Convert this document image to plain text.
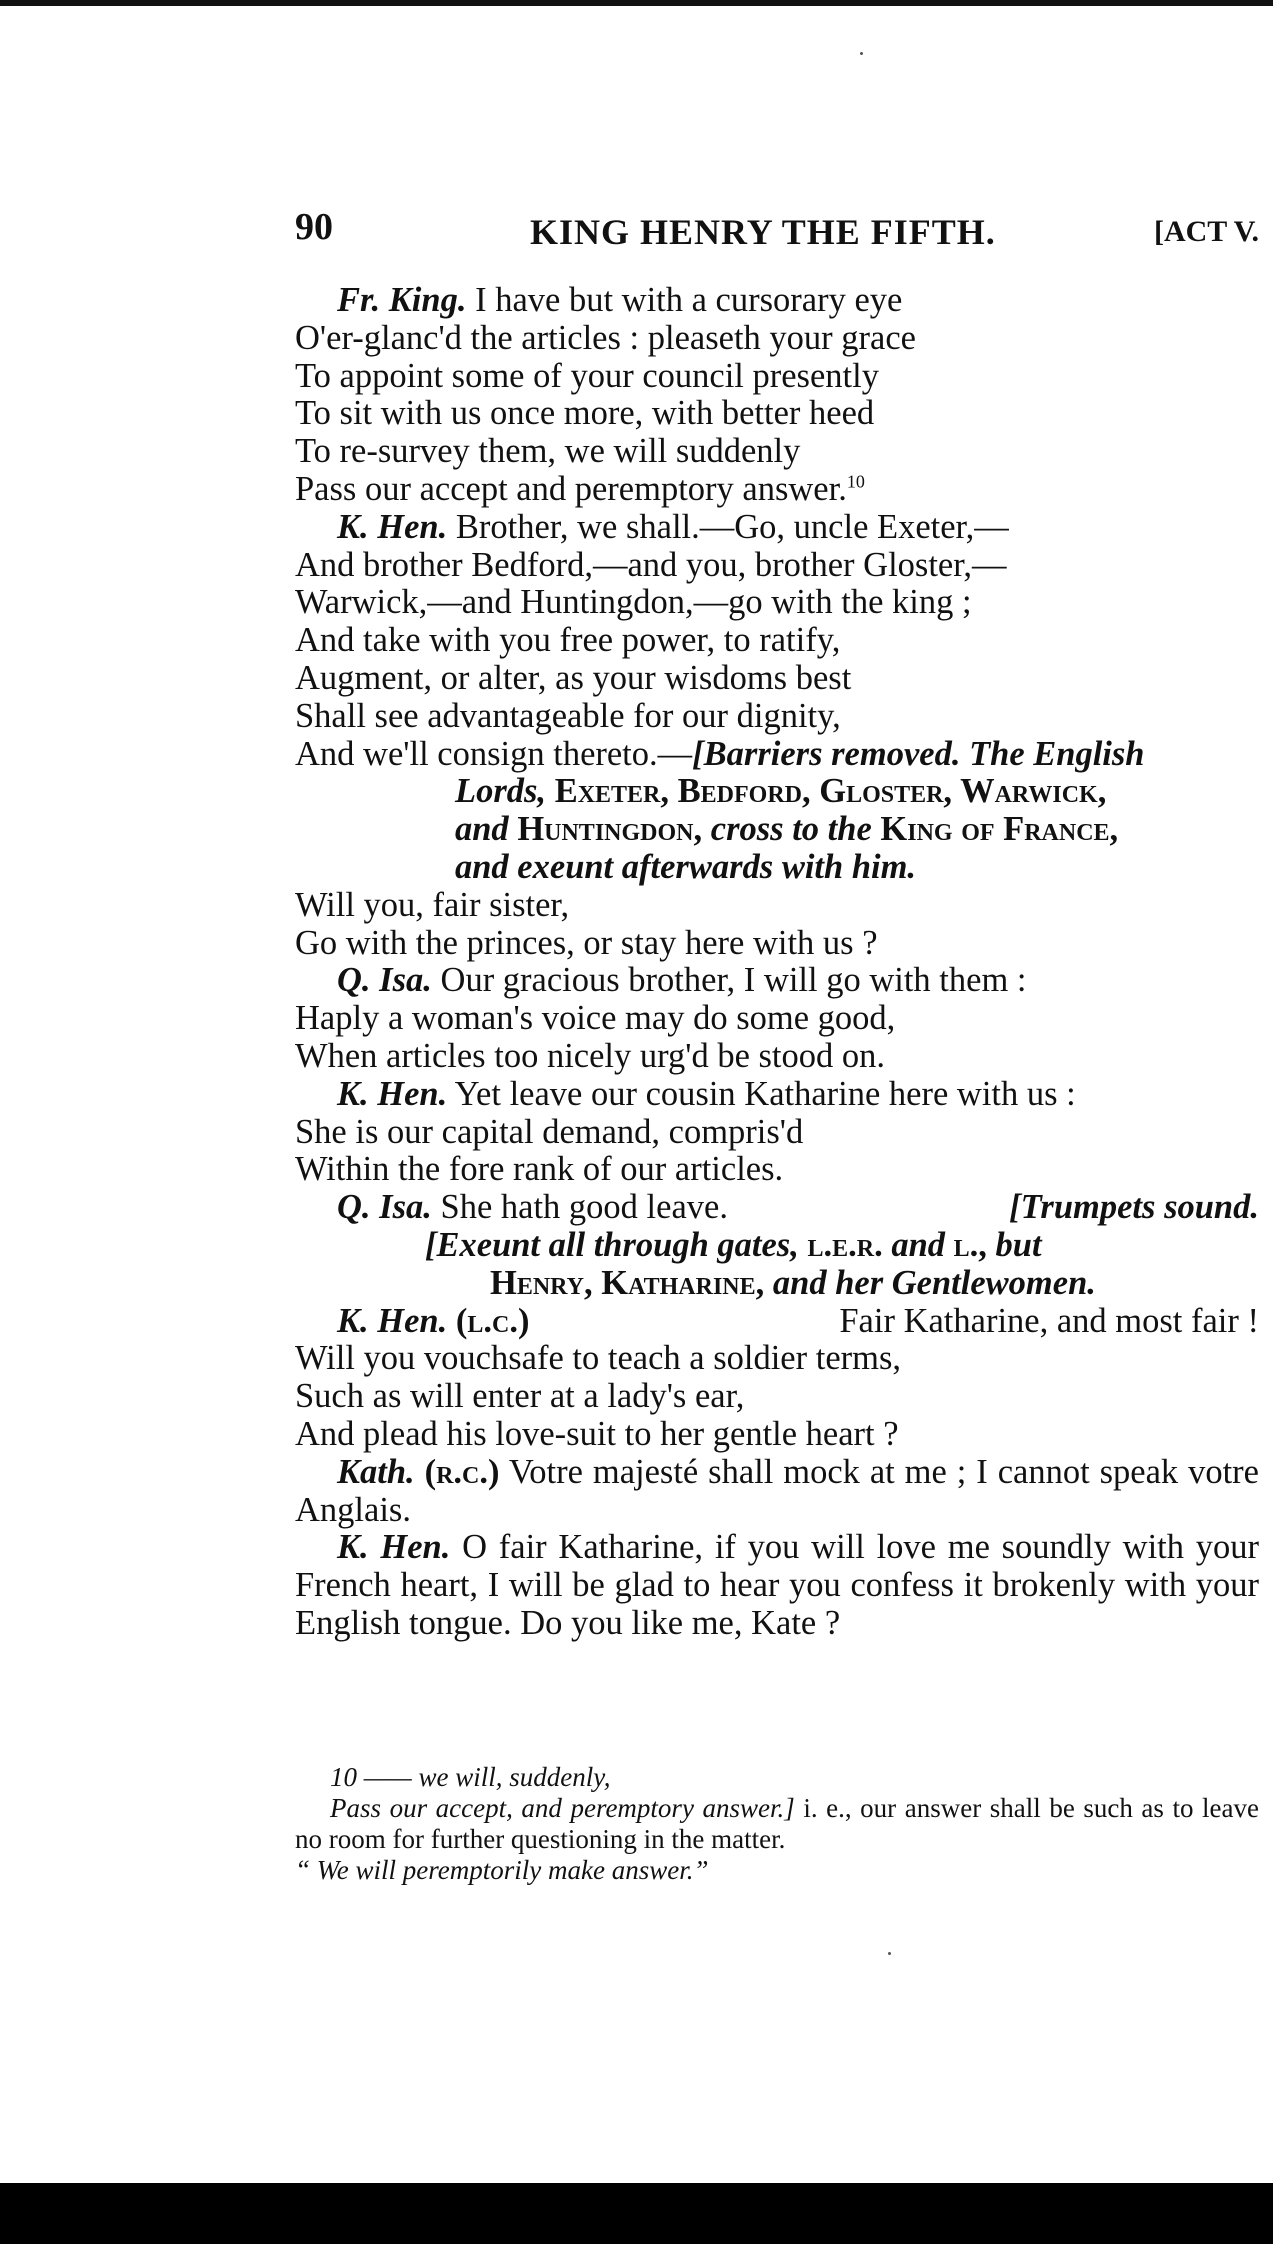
90	KING HENRY THE FIFTH.	[ACT V.
Fr. King. I have but with a cursorary eye
O'er-glanc'd the articles : pleaseth your grace
To appoint some of your council presently
To sit with us once more, with better heed
To re-survey them, we will suddenly
Pass our accept and peremptory answer.$^{10}$
K. Hen. Brother, we shall.—Go, uncle Exeter,—
And brother Bedford,—and you, brother Gloster,—
Warwick,—and Huntingdon,—go with the king ;
And take with you free power, to ratify,
Augment, or alter, as your wisdoms best
Shall see advantageable for our dignity,
And we'll consign thereto.—[Barriers removed. The English
Lords, Exeter, Bedford, Gloster, Warwick,
and Huntingdon, cross to the King of France,
and exeunt afterwards with him.
Will you, fair sister,
Go with the princes, or stay here with us ?
Q. Isa. Our gracious brother, I will go with them :
Haply a woman's voice may do some good,
When articles too nicely urg'd be stood on.
K. Hen. Yet leave our cousin Katharine here with us :
She is our capital demand, compris'd
Within the fore rank of our articles.
Q. Isa. She hath good leave.	[Trumpets sound.
[Exeunt all through gates, l.e.r. and l., but
Henry, Katharine, and her Gentlewomen.
K. Hen. (l.c.)	Fair Katharine, and most fair !
Will you vouchsafe to teach a soldier terms,
Such as will enter at a lady's ear,
And plead his love-suit to her gentle heart ?
Kath. (r.c.) Votre majesté shall mock at me ; I cannot speak votre Anglais.
K. Hen. O fair Katharine, if you will love me soundly with your French heart, I will be glad to hear you confess it brokenly with your English tongue. Do you like me, Kate ?
10 —— we will, suddenly,
Pass our accept, and peremptory answer.] i. e., our answer shall be such as to leave no room for further questioning in the matter.
“ We will peremptorily make answer.”
